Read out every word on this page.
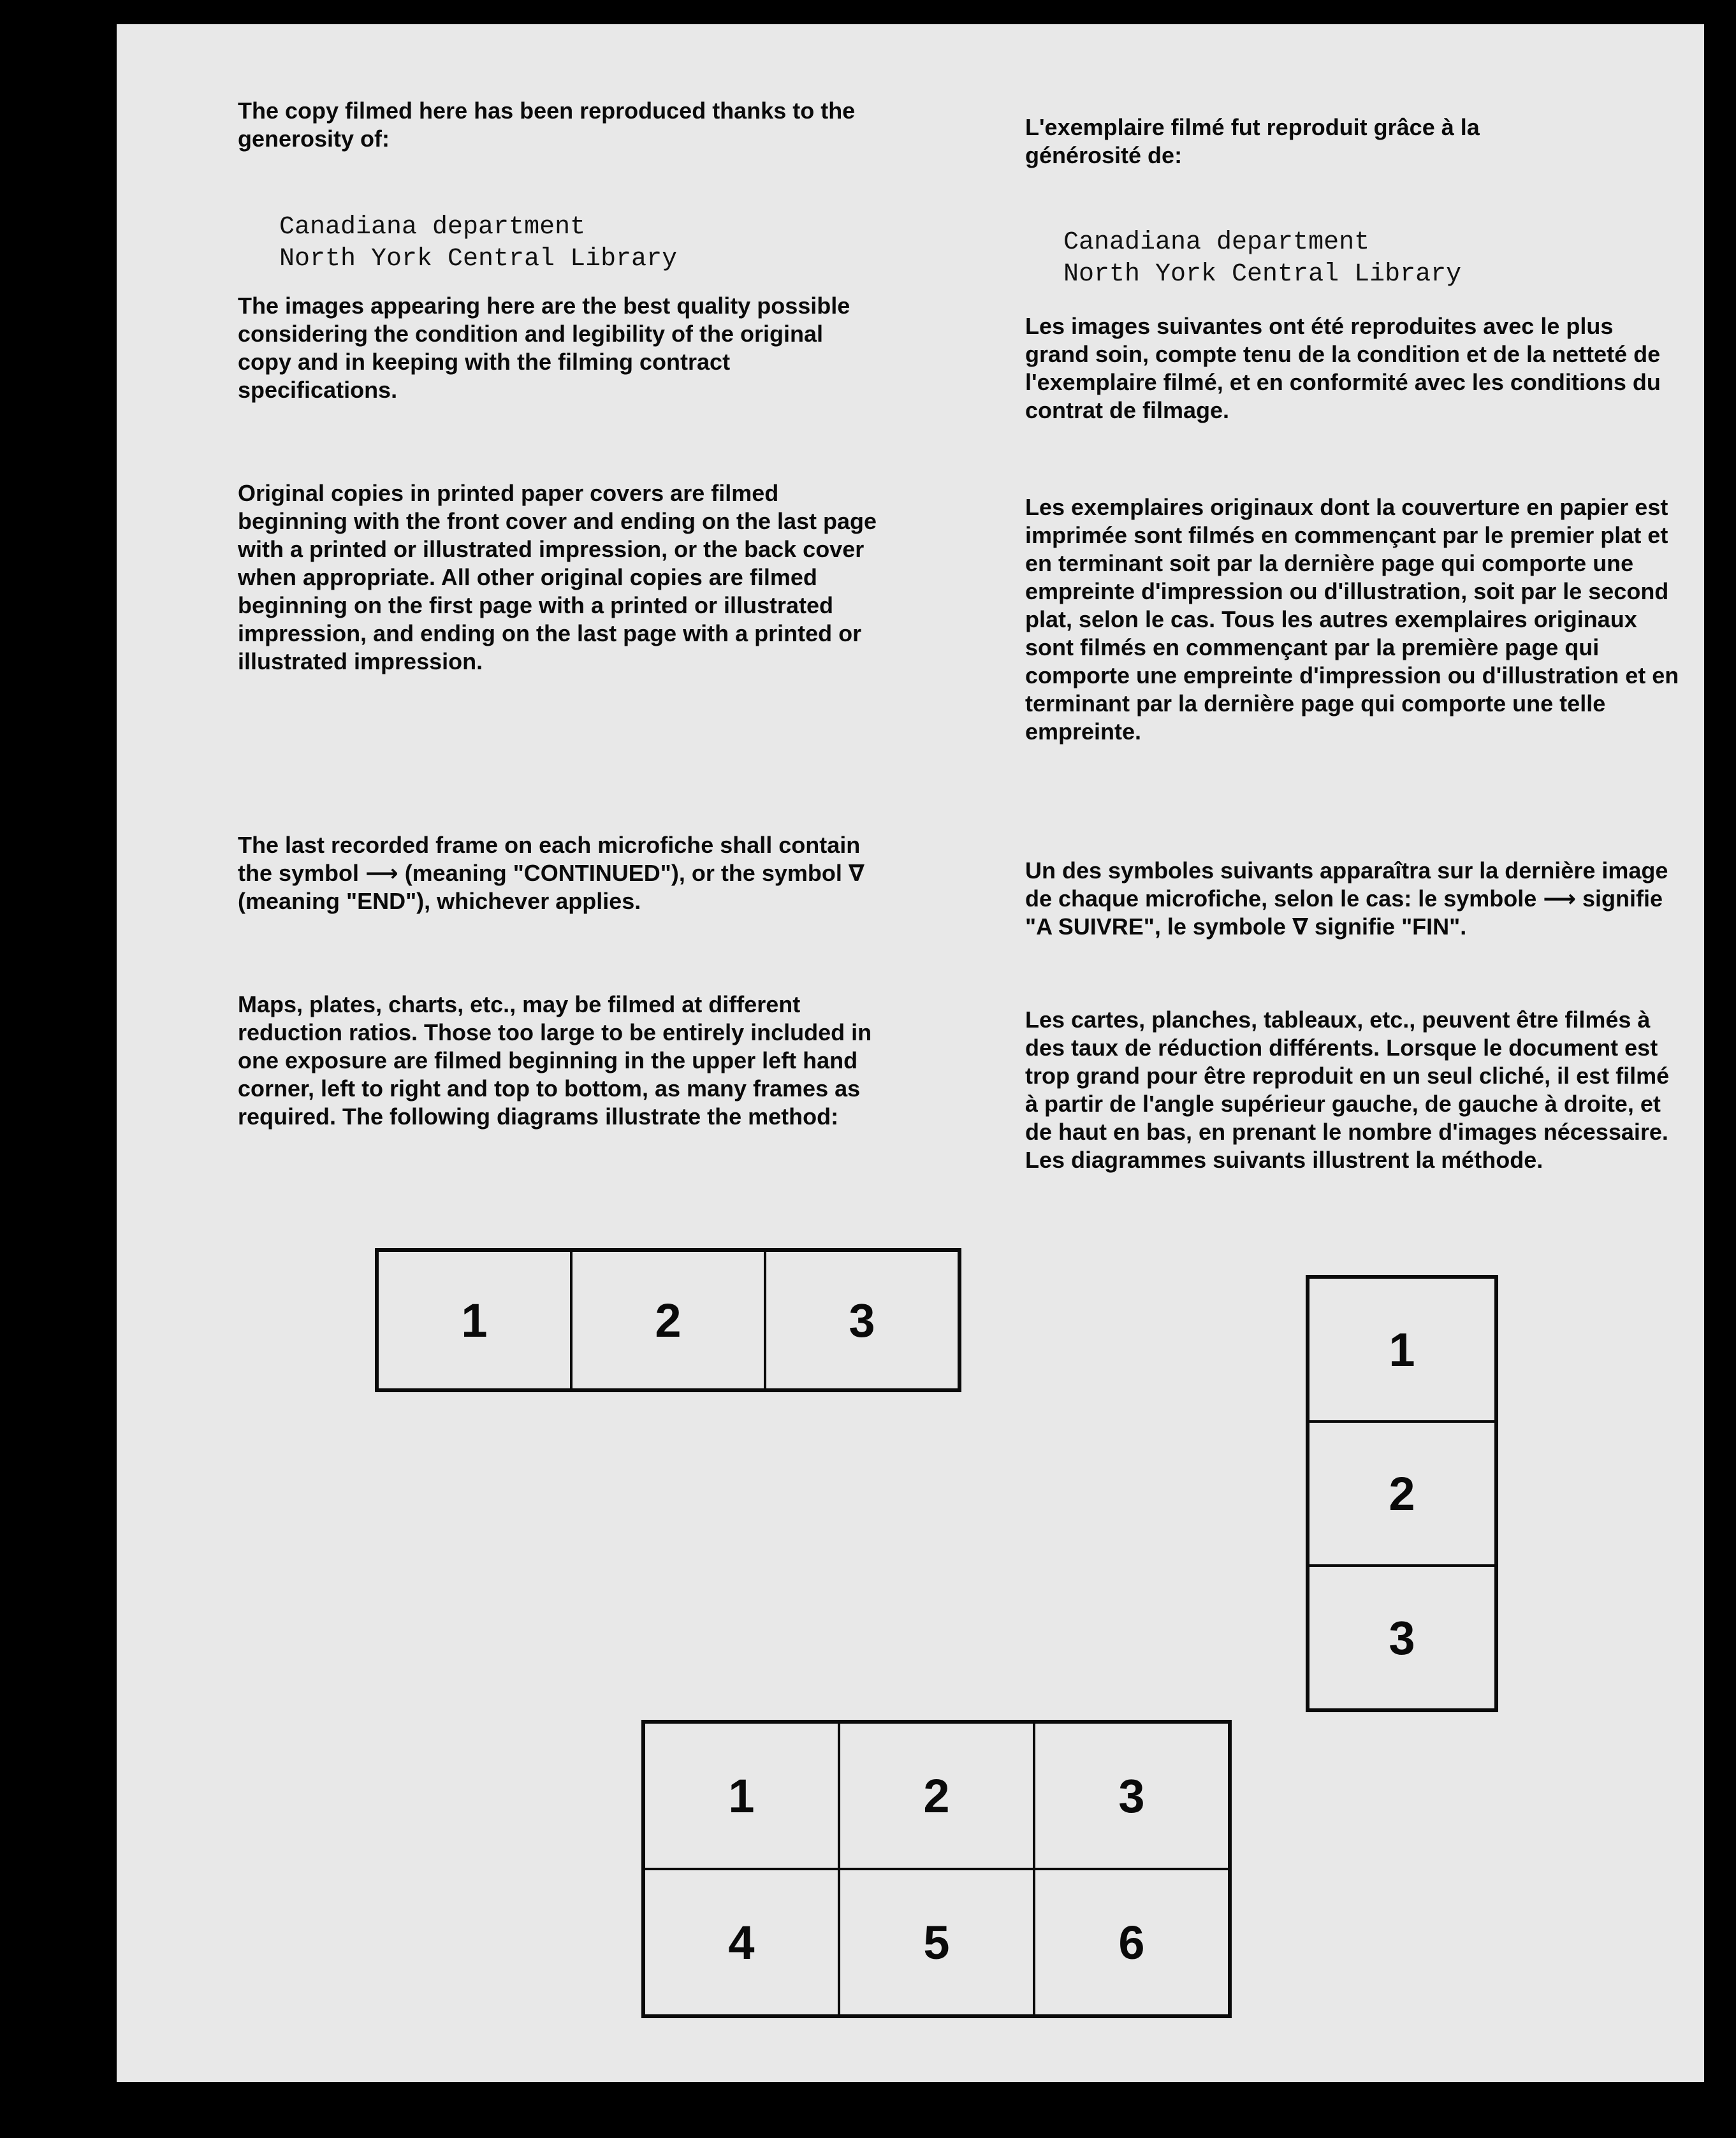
The copy filmed here has been reproduced thanks to the generosity of:

Canadiana department
North York Central Library

The images appearing here are the best quality possible considering the condition and legibility of the original copy and in keeping with the filming contract specifications.

Original copies in printed paper covers are filmed beginning with the front cover and ending on the last page with a printed or illustrated impression, or the back cover when appropriate. All other original copies are filmed beginning on the first page with a printed or illustrated impression, and ending on the last page with a printed or illustrated impression.

The last recorded frame on each microfiche shall contain the symbol ⟶ (meaning "CONTINUED"), or the symbol ∇ (meaning "END"), whichever applies.

Maps, plates, charts, etc., may be filmed at different reduction ratios. Those too large to be entirely included in one exposure are filmed beginning in the upper left hand corner, left to right and top to bottom, as many frames as required. The following diagrams illustrate the method:

L'exemplaire filmé fut reproduit grâce à la générosité de:

Canadiana department
North York Central Library

Les images suivantes ont été reproduites avec le plus grand soin, compte tenu de la condition et de la netteté de l'exemplaire filmé, et en conformité avec les conditions du contrat de filmage.

Les exemplaires originaux dont la couverture en papier est imprimée sont filmés en commençant par le premier plat et en terminant soit par la dernière page qui comporte une empreinte d'impression ou d'illustration, soit par le second plat, selon le cas. Tous les autres exemplaires originaux sont filmés en commençant par la première page qui comporte une empreinte d'impression ou d'illustration et en terminant par la dernière page qui comporte une telle empreinte.

Un des symboles suivants apparaîtra sur la dernière image de chaque microfiche, selon le cas: le symbole ⟶ signifie "A SUIVRE", le symbole ∇ signifie "FIN".

Les cartes, planches, tableaux, etc., peuvent être filmés à des taux de réduction différents. Lorsque le document est trop grand pour être reproduit en un seul cliché, il est filmé à partir de l'angle supérieur gauche, de gauche à droite, et de haut en bas, en prenant le nombre d'images nécessaire. Les diagrammes suivants illustrent la méthode.

1	2	3
1
2
3
1	2	3
4	5	6
